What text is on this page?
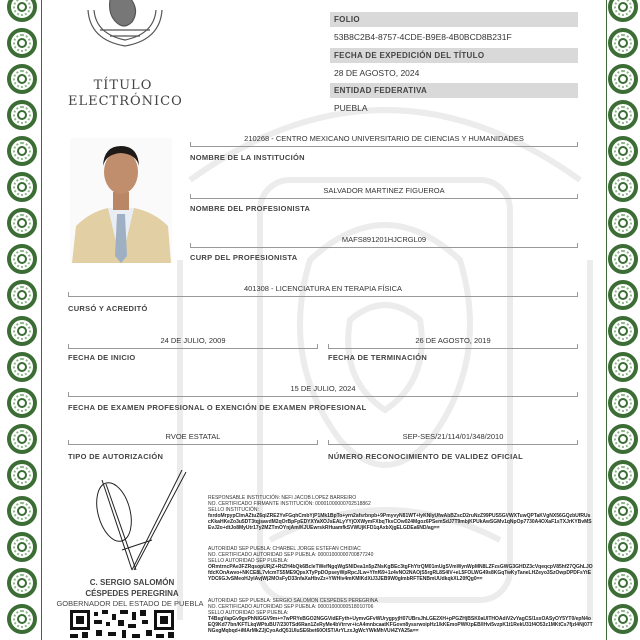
TÍTULO
ELECTRÓNICO
FOLIO
53B8C2B4-8757-4CDE-B9E8-4B0BCD8B231F
FECHA DE EXPEDICIÓN DEL TÍTULO
28 DE AGOSTO, 2024
ENTIDAD FEDERATIVA
PUEBLA
210268 - CENTRO MEXICANO UNIVERSITARIO DE CIENCIAS Y HUMANIDADES
NOMBRE DE LA INSTITUCIÓN
SALVADOR MARTINEZ FIGUEROA
NOMBRE DEL PROFESIONISTA
MAFS891201HJCRGL09
CURP DEL PROFESIONISTA
401308 - LICENCIATURA EN TERAPIA FÍSICA
CURSÓ Y ACREDITÓ
24 DE JULIO, 2009
FECHA DE INICIO
26 DE AGOSTO, 2019
FECHA DE TERMINACIÓN
15 DE JULIO, 2024
FECHA DE EXAMEN PROFESIONAL O EXENCIÓN DE EXAMEN PROFESIONAL
RVOE ESTATAL
TIPO DE AUTORIZACIÓN
SEP-SES/21/114/01/348/2010
NÚMERO RECONOCIMIENTO DE VALIDEZ OFICIAL
C. SERGIO SALOMÓN
CÉSPEDES PEREGRINA
GOBERNADOR DEL ESTADO DE PUEBLA
RESPONSABLE INSTITUCIÓN: NEFI JACOB LOPEZ BARREIRO
NO. CERTIFICADO FIRMANTE INSTITUCIÓN: 00001000000702518862
SELLO INSTITUCIÓN:
fxrdoMrpypCImAZtuZ6qiZRE2YvFGqhCmbYjP1Mk1BpTo+yrn2afsrbnpb+9PmyvyN81WT+lyKNlyUfwAbBZscD2ruNzZ99PUS5GVWXTuwQPTaKVgNX56GQzbUfRUscKkaHKeZo3u5DT3tqjsavdM2qOrBpFpEDYXYaXOJsEALyYYjOXWymFXbqTksCOw024Mgoz6PSemSdJ7T9mbjKPUkAwSGMv1qNpOp7730A4OXaF1sTXJrKYBvMSEvJ2o+dtJo8MyUtr17y2MZTmOYnjAm/KJUEwrskRHuamfkSVWUjKFD1qAxbXjgELGDEa6ND/ag==
AUTORIDAD SEP PUEBLA: CHARBEL JORGE ESTEFAN CHIDIAC
NO. CERTIFICADO AUTORIDAD SEP PUEBLA: 00001000000700877240
SELLO AUTORIDAD SEP PUEBLA:
ORmtrncPAe3FZRqsopURjZ+RtZH4bQk6BcleTWefNgqWgSNlDea1n5pZNsKgBEc3tgFhYtrQM01mUgSVmWynWpMN8LZFzsGWG3GHDZ3cVqeqcpV85hf27QGhLJOfdcKOnAwvo+NKCE8L7vlcmTS5ME9QpsXTyPpDOpseyWpRpcJLw+Yfnf69+1z4vNO2NAOjS5rgRL8S4lV+eL5FOLWG49s8KGqTwKyTaneLHZeyo3SzOwpDPDFsYtEYDC6GJvSMeoHJylAvjWj2MOsFyD33nfaXaHbvZz+YWHiv4mKMlKdXiJ3JEB9W0gImbRFTENBmUUdkqkXL20fQg0==
AUTORIDAD SEP PUEBLA: SERGIO SALOMON CESPEDES PEREGRINA
NO. CERTIFICADO AUTORIDAD SEP PUEBLA: 00001000000518010706
SELLO AUTORIDAD SEP PUEBLA:
T4BsgVapGv9gvPhNIGGV9m+=7wPRYeBGO2NGGVidEFyth+UymvGFvWUrygpyjH07UBrsJhLGE2XH+pPGZHjBSK0aUlTHOAdiV2vYagCS/1sxOASyOY5YT0/epN4oEQ9Kd77bn/KFTLkqWPtuBU7/230TSd6Ran1ZeRyMe4bVtrrvr+icA4mnbcaatKFGovn8yssrwoipHz1/kKEmoPWKtpEB/lHvi5vzpK1t1RekU31f4O53z1MKtCs7fjzl4Nj07TNGxgMqbqd+iMArMkZJjCyoAdQ51UIuSE6bet60OlST/ArYLzxJgWcYWkMhVUi4ZYA25a==
